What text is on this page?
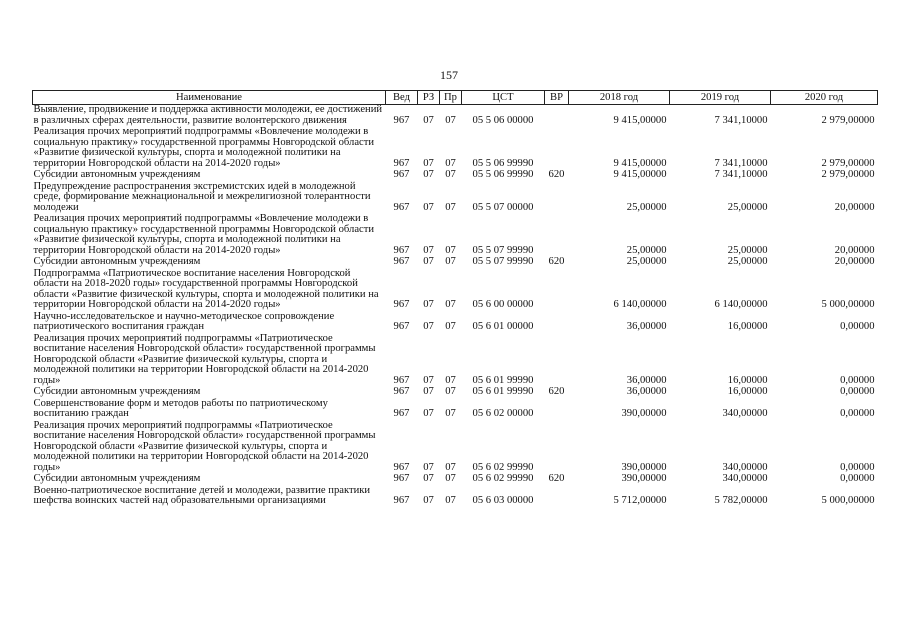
157
Наименование	Вед	РЗ	Пр	ЦСТ	ВР	2018 год	2019 год	2020 год
Выявление, продвижение и поддержка активности молодежи, ее достижений в различных сферах деятельности, развитие волонтерского движения	967	07	07	05 5 06 00000		9 415,00000	7 341,10000	2 979,00000
Реализация прочих мероприятий подпрограммы «Вовлечение молодежи в социальную практику» государственной программы Новгородской области «Развитие физической культуры, спорта и молодежной политики на территории Новгородской области на 2014-2020 годы»	967	07	07	05 5 06 99990		9 415,00000	7 341,10000	2 979,00000
Субсидии автономным учреждениям	967	07	07	05 5 06 99990	620	9 415,00000	7 341,10000	2 979,00000
Предупреждение распространения экстремистских идей в молодежной среде, формирование межнациональной и межрелигиозной толерантности молодежи	967	07	07	05 5 07 00000		25,00000	25,00000	20,00000
Реализация прочих мероприятий подпрограммы «Вовлечение молодежи в социальную практику» государственной программы Новгородской области «Развитие физической культуры, спорта и молодежной политики на территории Новгородской области на 2014-2020 годы»	967	07	07	05 5 07 99990		25,00000	25,00000	20,00000
Субсидии автономным учреждениям	967	07	07	05 5 07 99990	620	25,00000	25,00000	20,00000
Подпрограмма «Патриотическое воспитание населения Новгородской области на 2018-2020 годы» государственной программы Новгородской области «Развитие физической культуры, спорта и молодежной политики на территории Новгородской области на 2014-2020 годы»	967	07	07	05 6 00 00000		6 140,00000	6 140,00000	5 000,00000
Научно-исследовательское и научно-методическое сопровождение патриотического воспитания граждан	967	07	07	05 6 01 00000		36,00000	16,00000	0,00000
Реализация прочих мероприятий подпрограммы «Патриотическое воспитание населения Новгородской области» государственной программы Новгородской области «Развитие физической культуры, спорта и молодежной политики на территории Новгородской области на 2014-2020 годы»	967	07	07	05 6 01 99990		36,00000	16,00000	0,00000
Субсидии автономным учреждениям	967	07	07	05 6 01 99990	620	36,00000	16,00000	0,00000
Совершенствование форм и методов работы по патриотическому воспитанию граждан	967	07	07	05 6 02 00000		390,00000	340,00000	0,00000
Реализация прочих мероприятий подпрограммы «Патриотическое воспитание населения Новгородской области» государственной программы Новгородской области «Развитие физической культуры, спорта и молодежной политики на территории Новгородской области на 2014-2020 годы»	967	07	07	05 6 02 99990		390,00000	340,00000	0,00000
Субсидии автономным учреждениям	967	07	07	05 6 02 99990	620	390,00000	340,00000	0,00000
Военно-патриотическое воспитание детей и молодежи, развитие практики шефства воинских частей над образовательными организациями	967	07	07	05 6 03 00000		5 712,00000	5 782,00000	5 000,00000
